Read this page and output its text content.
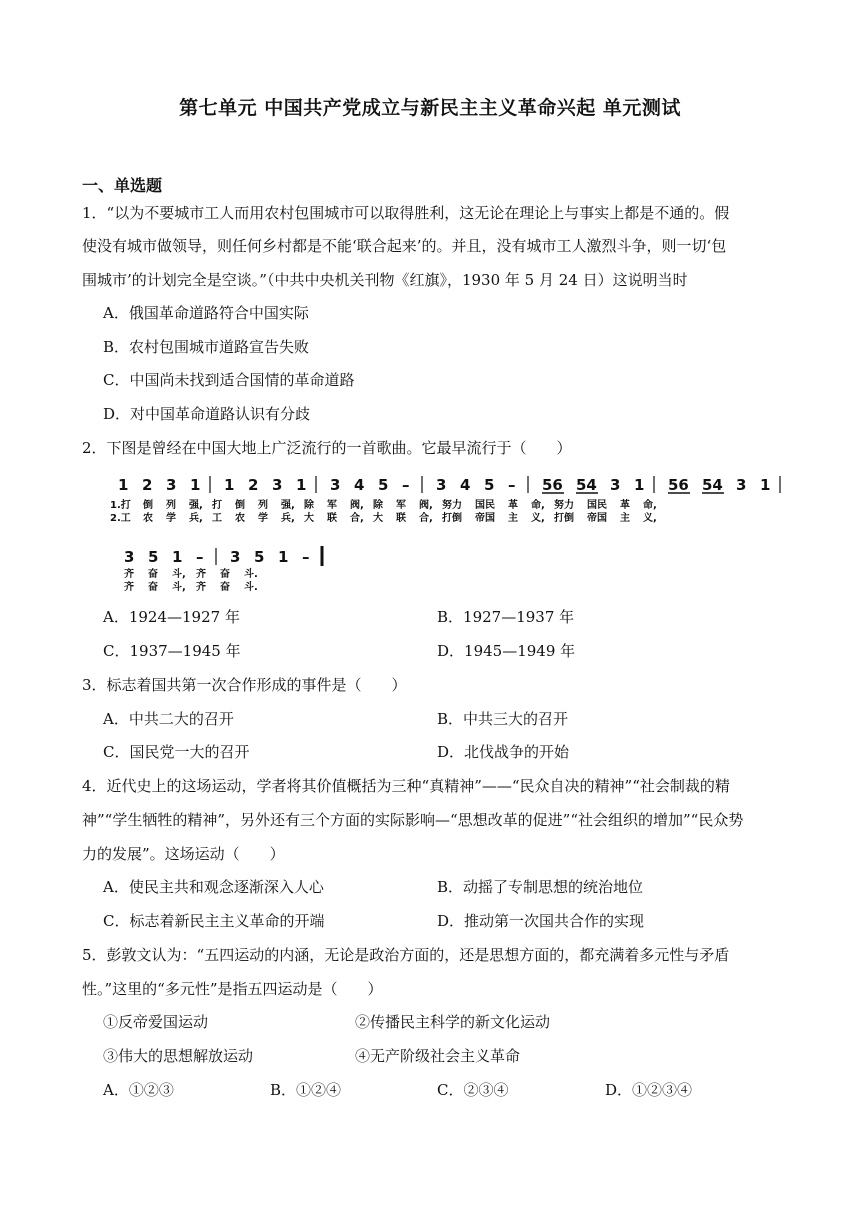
第七单元 中国共产党成立与新民主主义革命兴起 单元测试
一、单选题
1．“以为不要城市工人而用农村包围城市可以取得胜利，这无论在理论上与事实上都是不通的。假
使没有城市做领导，则任何乡村都是不能‘联合起来’的。并且，没有城市工人激烈斗争，则一切‘包
围城市’的计划完全是空谈。”（中共中央机关刊物《红旗》，1930 年 5 月 24 日）这说明当时
A．俄国革命道路符合中国实际
B．农村包围城市道路宣告失败
C．中国尚未找到适合国情的革命道路
D．对中国革命道路认识有分歧
2．下图是曾经在中国大地上广泛流行的一首歌曲。它最早流行于（　　）
1 2 3 1 1 2 3 1 3 4 5 – 3 4 5 – 56 54 3 1 56 54 3 1
1.打 倒 列 强, 打 倒 列 强, 除 军 阀, 除 军 阀, 努力 国民 革 命, 努力 国民 革 命,
2.工 农 学 兵, 工 农 学 兵, 大 联 合, 大 联 合, 打倒 帝国 主 义, 打倒 帝国 主 义,
3 5 1 – 3 5 1 –
齐 奋 斗, 齐 奋 斗.
齐 奋 斗, 齐 奋 斗.
A．1924—1927 年	B．1927—1937 年
C．1937—1945 年	D．1945—1949 年
3．标志着国共第一次合作形成的事件是（　　）
A．中共二大的召开	B．中共三大的召开
C．国民党一大的召开	D．北伐战争的开始
4．近代史上的这场运动，学者将其价值概括为三种“真精神”——“民众自决的精神”“社会制裁的精
神”“学生牺牲的精神”，另外还有三个方面的实际影响—“思想改革的促进”“社会组织的增加”“民众势
力的发展”。这场运动（　　）
A．使民主共和观念逐渐深入人心	B．动摇了专制思想的统治地位
C．标志着新民主主义革命的开端	D．推动第一次国共合作的实现
5．彭敦文认为：“五四运动的内涵，无论是政治方面的，还是思想方面的，都充满着多元性与矛盾
性。”这里的“多元性”是指五四运动是（　　）
①反帝爱国运动	②传播民主科学的新文化运动
③伟大的思想解放运动	④无产阶级社会主义革命
A．①②③	B．①②④	C．②③④	D．①②③④
